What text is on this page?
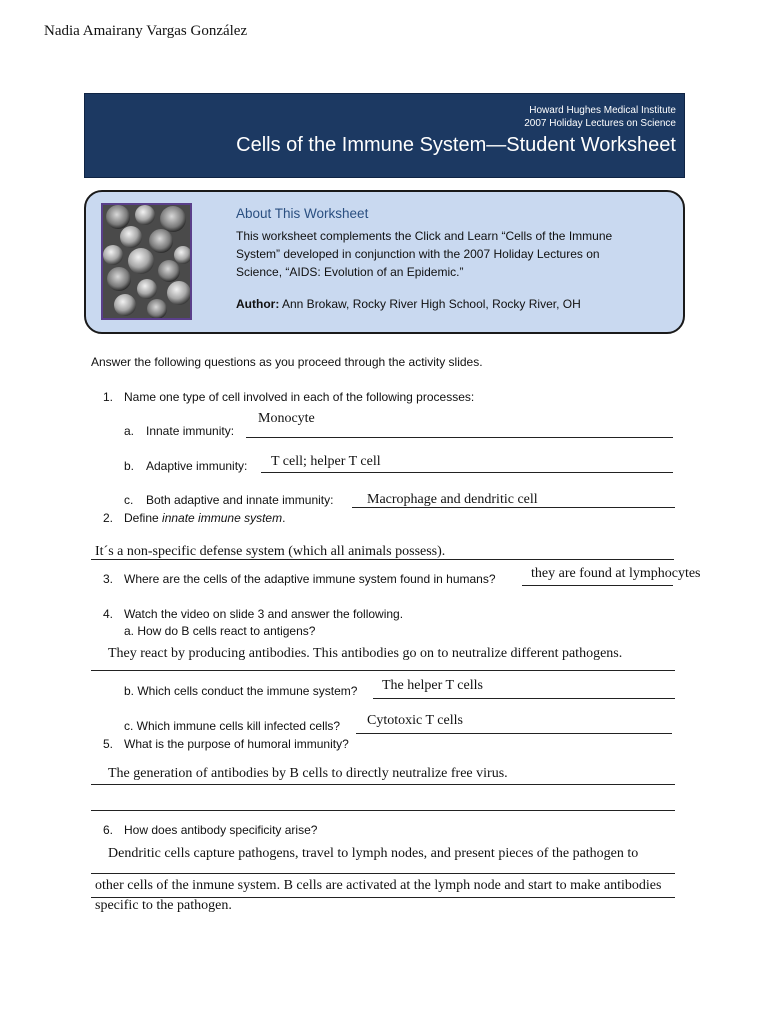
Nadia Amairany Vargas González
Howard Hughes Medical Institute
2007 Holiday Lectures on Science
Cells of the Immune System—Student Worksheet
About This Worksheet
This worksheet complements the Click and Learn “Cells of the Immune
System” developed in conjunction with the 2007 Holiday Lectures on
Science, “AIDS: Evolution of an Epidemic.”
Author: Ann Brokaw, Rocky River High School, Rocky River, OH
Answer the following questions as you proceed through the activity slides.
1. Name one type of cell involved in each of the following processes:
a. Innate immunity:
Monocyte
b. Adaptive immunity: T cell; helper T cell
c. Both adaptive and innate immunity: Macrophage and dendritic cell
2. Define innate immune system.
It´s a non-specific defense system (which all animals possess).
3. Where are the cells of the adaptive immune system found in humans?	they are found at lymphocytes
4. Watch the video on slide 3 and answer the following.
a. How do B cells react to antigens?
They react by producing antibodies. This antibodies go on to neutralize different pathogens.
b. Which cells conduct the immune system? The helper T cells
c. Which immune cells kill infected cells? Cytotoxic T cells
5. What is the purpose of humoral immunity?
The generation of antibodies by B cells to directly neutralize free virus.
6. How does antibody specificity arise?
Dendritic cells capture pathogens, travel to lymph nodes, and present pieces of the pathogen to
other cells of the inmune system. B cells are activated at the lymph node and start to make antibodies
specific to the pathogen.
